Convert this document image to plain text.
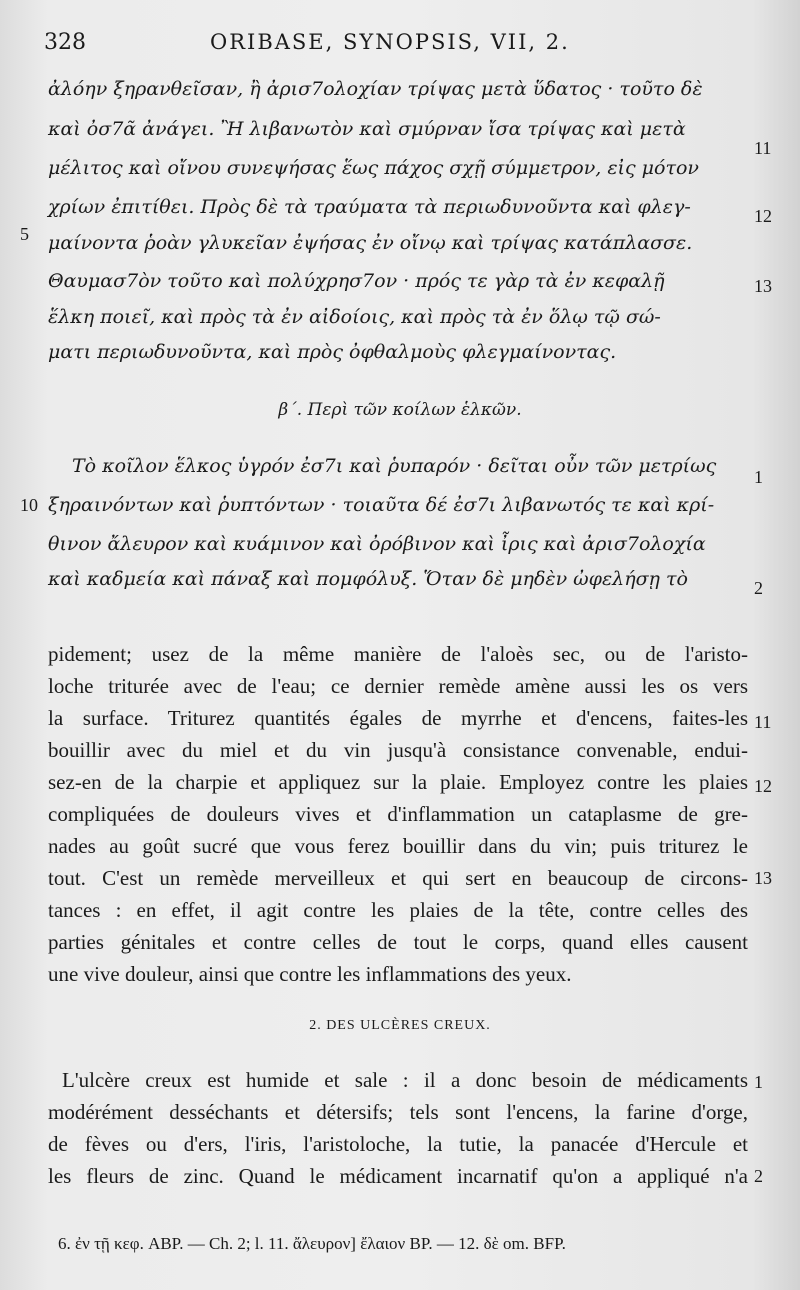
328	ORIBASE, SYNOPSIS, VII, 2.
ἀλόην ξηρανθεῖσαν, ἢ ἀρισ7ολοχίαν τρίψας μετὰ ὕδατος · τοῦτο δὲ
καὶ ὀσ7ᾶ ἀνάγει. Ἢ λιβανωτὸν καὶ σμύρναν ἴσα τρίψας καὶ μετὰ
μέλιτος καὶ οἴνου συνεψήσας ἕως πάχος σχῇ σύμμετρον, εἰς μότον
χρίων ἐπιτίθει. Πρὸς δὲ τὰ τραύματα τὰ περιωδυνοῦντα καὶ φλεγ-
μαίνοντα ῥοὰν γλυκεῖαν ἐψήσας ἐν οἴνῳ καὶ τρίψας κατάπλασσε.
Θαυμασ7ὸν τοῦτο καὶ πολύχρησ7ον · πρός τε γὰρ τὰ ἐν κεφαλῇ
ἕλκη ποιεῖ, καὶ πρὸς τὰ ἐν αἰδοίοις, καὶ πρὸς τὰ ἐν ὅλῳ τῷ σώ-
ματι περιωδυνοῦντα, καὶ πρὸς ὀφθαλμοὺς φλεγμαίνοντας.
11
12
5
13
β΄. Περὶ τῶν κοίλων ἑλκῶν.
Τὸ κοῖλον ἕλκος ὑγρόν ἐσ7ι καὶ ῥυπαρόν · δεῖται οὖν τῶν μετρίως
ξηραινόντων καὶ ῥυπτόντων · τοιαῦτα δέ ἐσ7ι λιβανωτός τε καὶ κρί-
θινον ἄλευρον καὶ κυάμινον καὶ ὀρόβινον καὶ ἶρις καὶ ἀρισ7ολοχία
καὶ καδμεία καὶ πάναξ καὶ πομφόλυξ. Ὅταν δὲ μηδὲν ὠφελήσῃ τὸ
1
10
2
pidement; usez de la même manière de l'aloès sec, ou de l'aristo-
loche triturée avec de l'eau; ce dernier remède amène aussi les os vers
la surface. Triturez quantités égales de myrrhe et d'encens, faites-les
bouillir avec du miel et du vin jusqu'à consistance convenable, endui-
sez-en de la charpie et appliquez sur la plaie. Employez contre les plaies
compliquées de douleurs vives et d'inflammation un cataplasme de gre-
nades au goût sucré que vous ferez bouillir dans du vin; puis triturez le
tout. C'est un remède merveilleux et qui sert en beaucoup de circons-
tances : en effet, il agit contre les plaies de la tête, contre celles des
parties génitales et contre celles de tout le corps, quand elles causent
une vive douleur, ainsi que contre les inflammations des yeux.
11
12
13
2. DES ULCÈRES CREUX.
L'ulcère creux est humide et sale : il a donc besoin de médicaments
modérément desséchants et détersifs; tels sont l'encens, la farine d'orge,
de fèves ou d'ers, l'iris, l'aristoloche, la tutie, la panacée d'Hercule et
les fleurs de zinc. Quand le médicament incarnatif qu'on a appliqué n'a
1
2
6. ἐν τῇ κεφ. ABP. — Ch. 2; l. 11. ἄλευρον] ἔλαιον BP. — 12. δὲ om. BFP.
